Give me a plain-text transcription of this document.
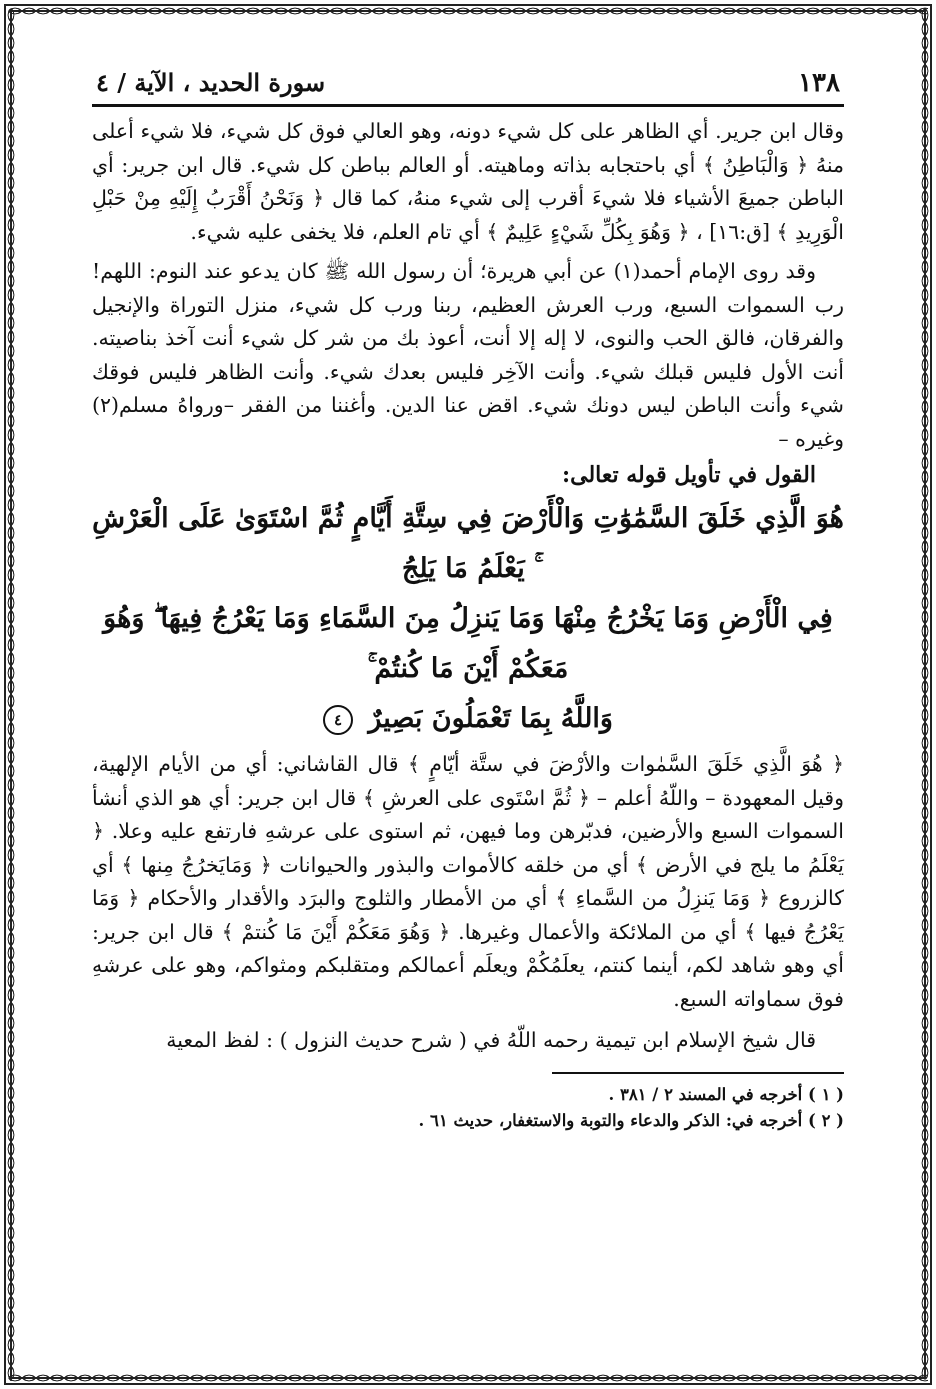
١٣٨
سورة الحديد ، الآية / ٤

وقال ابن جرير. أي الظاهر على كل شيء دونه، وهو العالي فوق كل شيء، فلا شيء أعلى منهُ ﴿ وَالْبَاطِنُ ﴾ أي باحتجابه بذاته وماهيته. أو العالم بباطن كل شيء. قال ابن جرير: أي الباطن جميعَ الأشياء فلا شيءَ أقرب إلى شيء منهُ، كما قال ﴿ وَنَحْنُ أَقْرَبُ إِلَيْهِ مِنْ حَبْلِ الْوَرِيدِ ﴾ [ق:١٦] ، ﴿ وَهُوَ بِكُلِّ شَيْءٍ عَلِيمٌ ﴾ أي تام العلم، فلا يخفى عليه شيء.

وقد روى الإمام أحمد(١) عن أبي هريرة؛ أن رسول الله ﷺ كان يدعو عند النوم: اللهم! رب السموات السبع، ورب العرش العظيم، ربنا ورب كل شيء، منزل التوراة والإنجيل والفرقان، فالق الحب والنوى، لا إله إلا أنت، أعوذ بك من شر كل شيء أنت آخذ بناصيته. أنت الأول فليس قبلك شيء. وأنت الآخِر فليس بعدك شيء. وأنت الظاهر فليس فوقك شيء وأنت الباطن ليس دونك شيء. اقض عنا الدين. وأغننا من الفقر –ورواهُ مسلم(٢) وغيره –

القول في تأويل قوله تعالى:
هُوَ الَّذِي خَلَقَ السَّمَٰوَٰتِ وَالْأَرْضَ فِي سِتَّةِ أَيَّامٍ ثُمَّ اسْتَوَىٰ عَلَى الْعَرْشِ ۚ يَعْلَمُ مَا يَلِجُ
فِي الْأَرْضِ وَمَا يَخْرُجُ مِنْهَا وَمَا يَنزِلُ مِنَ السَّمَاءِ وَمَا يَعْرُجُ فِيهَا ۖ وَهُوَ مَعَكُمْ أَيْنَ مَا كُنتُمْ ۚ
وَاللَّهُ بِمَا تَعْمَلُونَ بَصِيرٌ ٤

﴿ هُوَ الَّذِي خَلَقَ السَّمٰوات والأرْضَ في ستَّة أيّامٍ ﴾ قال القاشاني: أي من الأيام الإلهية، وقيل المعهودة – واللّهُ أعلم – ﴿ ثُمَّ اسْتَوى على العرشِ ﴾ قال ابن جرير: أي هو الذي أنشأ السموات السبع والأرضين، فدبّرهن وما فيهن، ثم استوى على عرشهِ فارتفع عليه وعلا. ﴿ يَعْلَمُ ما يلج في الأرض ﴾ أي من خلقه كالأموات والبذور والحيوانات ﴿ وَمَايَخرُجُ مِنها ﴾ أي كالزروع ﴿ وَمَا يَنزِلُ من السَّماءِ ﴾ أي من الأمطار والثلوج والبرَد والأقدار والأحكام ﴿ وَمَا يَعْرُجُ فيها ﴾ أي من الملائكة والأعمال وغيرها. ﴿ وَهُوَ مَعَكُمْ أَيْنَ مَا كُنتمْ ﴾ قال ابن جرير: أي وهو شاهد لكم، أينما كنتم، يعلَمُكُمْ ويعلَم أعمالكم ومتقلبكم ومثواكم، وهو على عرشهِ فوق سماواته السبع.

قال شيخ الإسلام ابن تيمية رحمه اللّهُ في ( شرح حديث النزول ) : لفظ المعية

( ١ ) أخرجه في المسند ٢ / ٣٨١ .
( ٢ ) أخرجه في: الذكر والدعاء والتوبة والاستغفار، حديث ٦١ .
